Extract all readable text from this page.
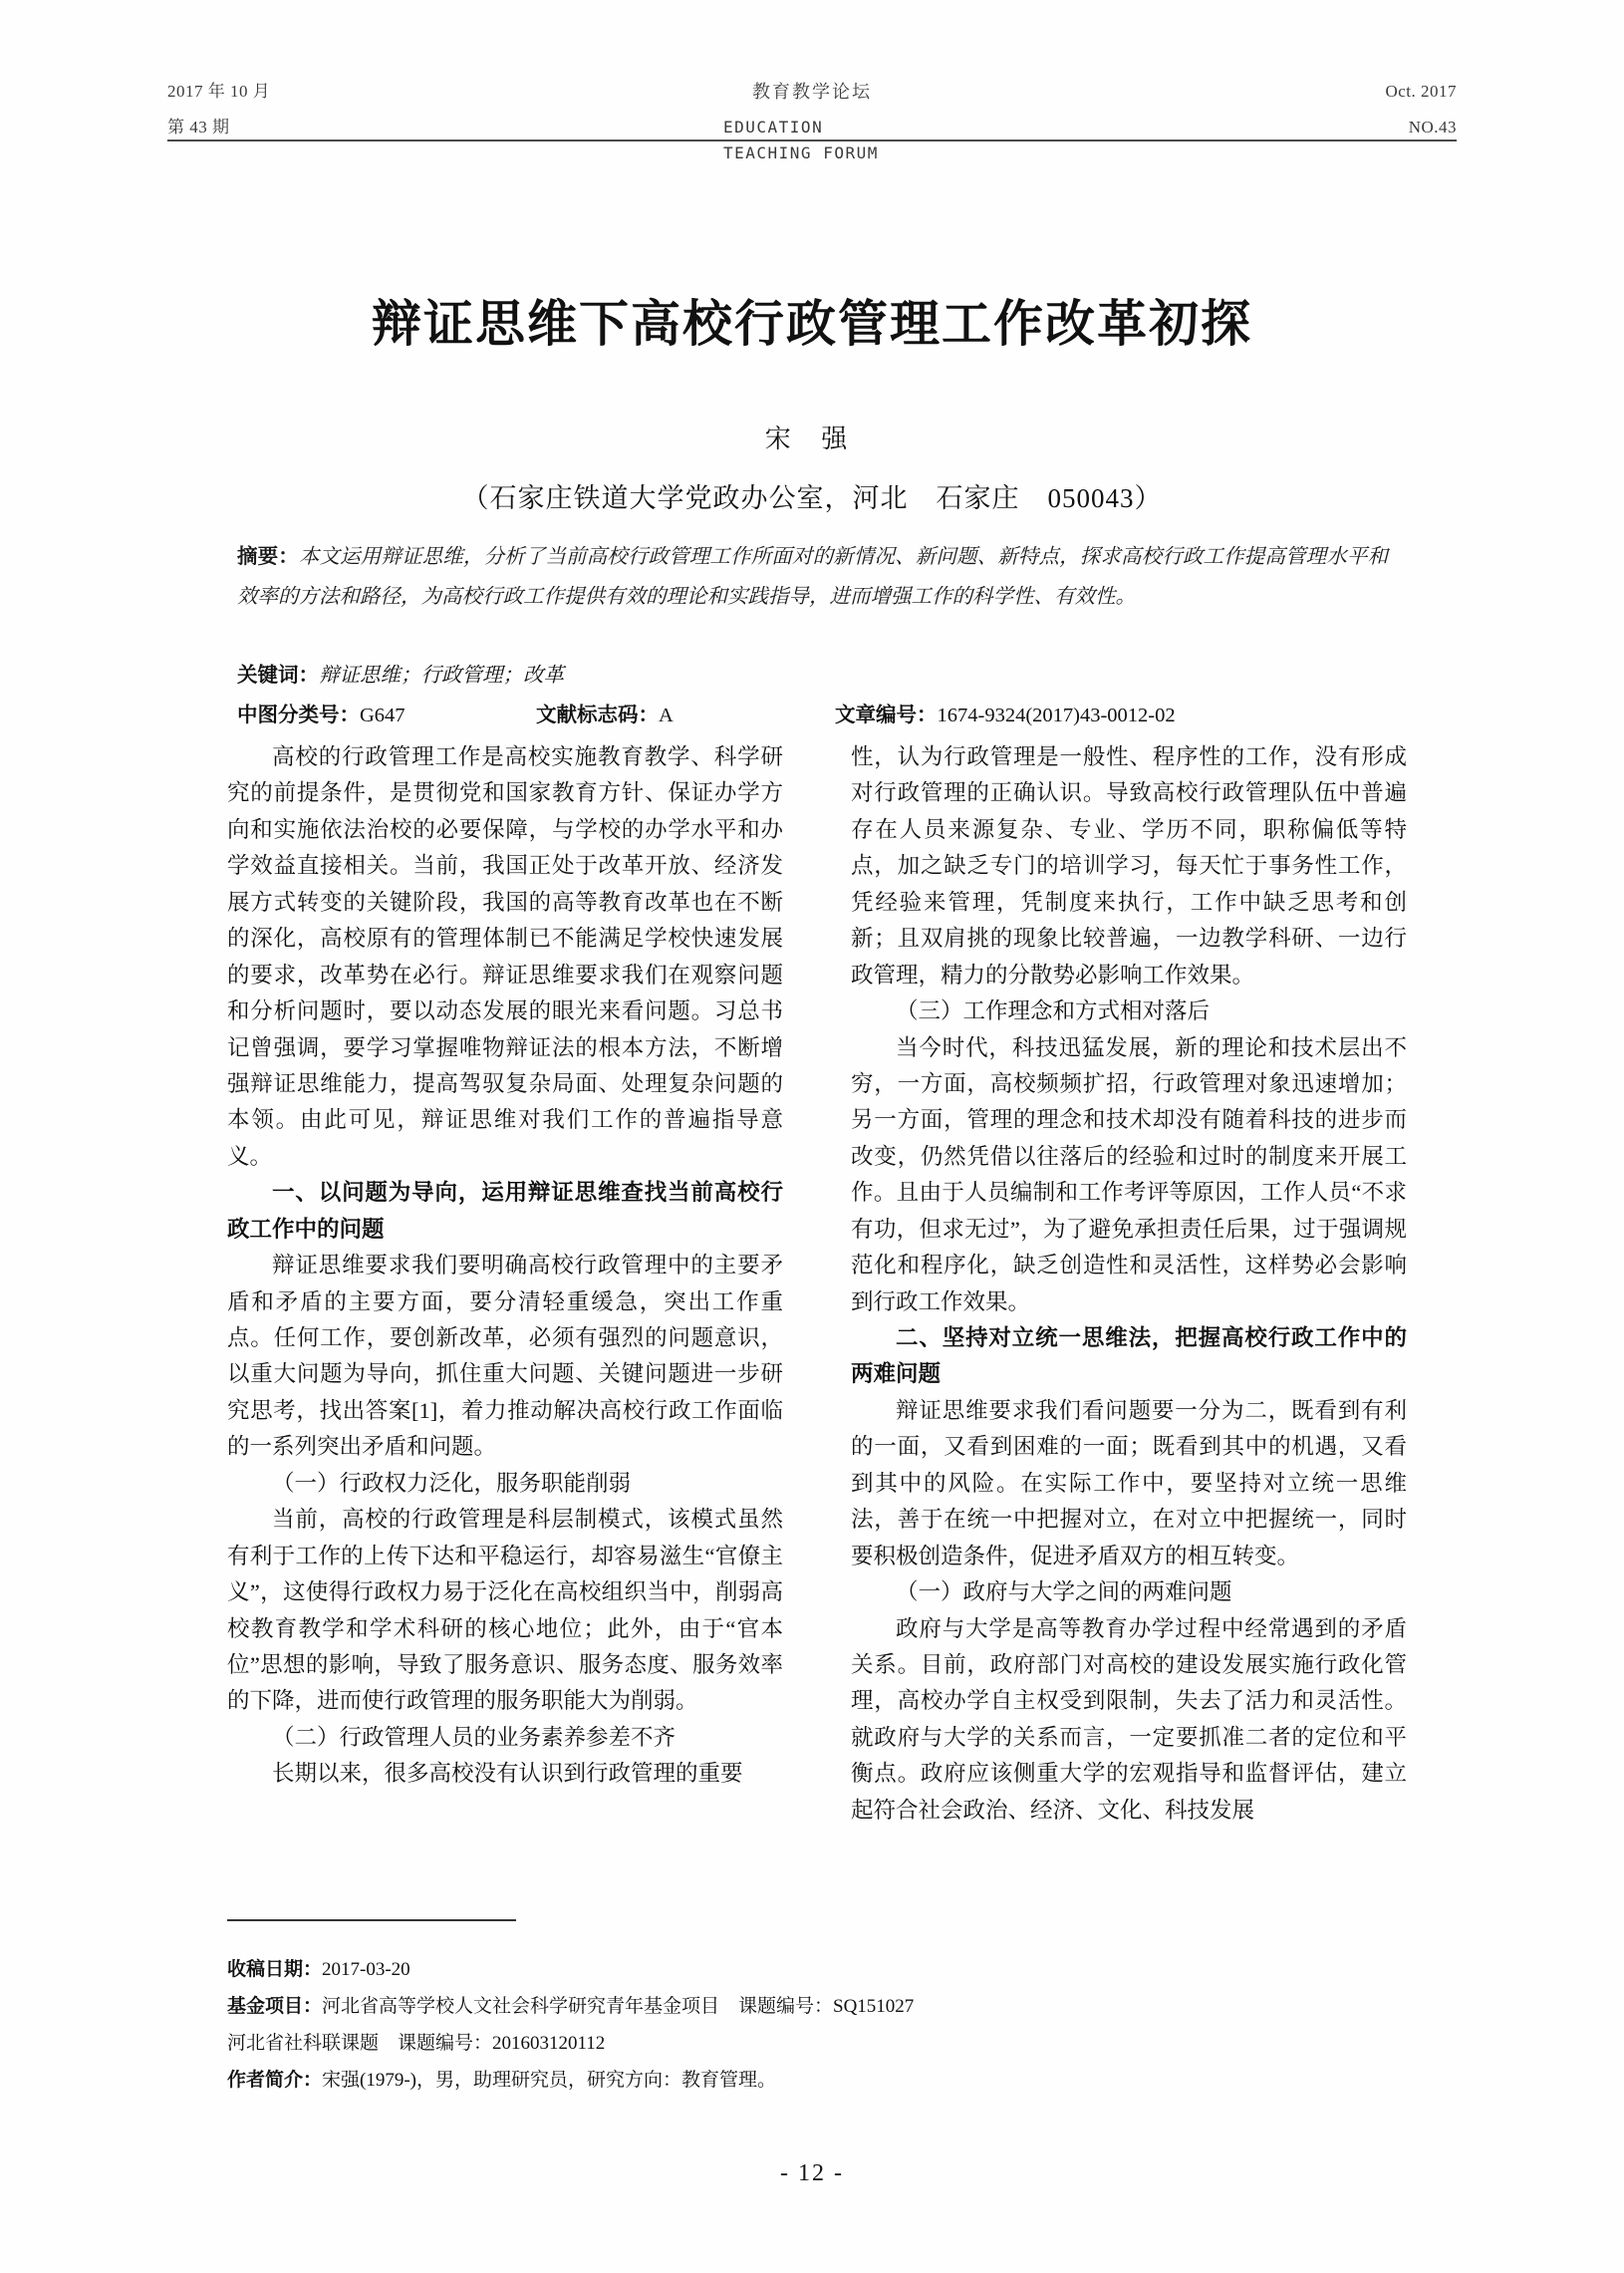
2017 年 10 月
第 43 期
教育教学论坛
EDUCATION TEACHING FORUM
Oct. 2017
NO.43
辩证思维下高校行政管理工作改革初探
宋 强
（石家庄铁道大学党政办公室，河北　石家庄　050043）
摘要：本文运用辩证思维，分析了当前高校行政管理工作所面对的新情况、新问题、新特点，探求高校行政工作提高管理水平和效率的方法和路径，为高校行政工作提供有效的理论和实践指导，进而增强工作的科学性、有效性。
关键词：辩证思维；行政管理；改革
中图分类号：G647	文献标志码：A	文章编号：1674-9324(2017)43-0012-02

高校的行政管理工作是高校实施教育教学、科学研究的前提条件，是贯彻党和国家教育方针、保证办学方向和实施依法治校的必要保障，与学校的办学水平和办学效益直接相关。当前，我国正处于改革开放、经济发展方式转变的关键阶段，我国的高等教育改革也在不断的深化，高校原有的管理体制已不能满足学校快速发展的要求，改革势在必行。辩证思维要求我们在观察问题和分析问题时，要以动态发展的眼光来看问题。习总书记曾强调，要学习掌握唯物辩证法的根本方法，不断增强辩证思维能力，提高驾驭复杂局面、处理复杂问题的本领。由此可见，辩证思维对我们工作的普遍指导意义。

一、以问题为导向，运用辩证思维查找当前高校行政工作中的问题

辩证思维要求我们要明确高校行政管理中的主要矛盾和矛盾的主要方面，要分清轻重缓急，突出工作重点。任何工作，要创新改革，必须有强烈的问题意识，以重大问题为导向，抓住重大问题、关键问题进一步研究思考，找出答案[1]，着力推动解决高校行政工作面临的一系列突出矛盾和问题。

（一）行政权力泛化，服务职能削弱

当前，高校的行政管理是科层制模式，该模式虽然有利于工作的上传下达和平稳运行，却容易滋生“官僚主义”，这使得行政权力易于泛化在高校组织当中，削弱高校教育教学和学术科研的核心地位；此外，由于“官本位”思想的影响，导致了服务意识、服务态度、服务效率的下降，进而使行政管理的服务职能大为削弱。

（二）行政管理人员的业务素养参差不齐

长期以来，很多高校没有认识到行政管理的重要

性，认为行政管理是一般性、程序性的工作，没有形成对行政管理的正确认识。导致高校行政管理队伍中普遍存在人员来源复杂、专业、学历不同，职称偏低等特点，加之缺乏专门的培训学习，每天忙于事务性工作，凭经验来管理，凭制度来执行，工作中缺乏思考和创新；且双肩挑的现象比较普遍，一边教学科研、一边行政管理，精力的分散势必影响工作效果。

（三）工作理念和方式相对落后

当今时代，科技迅猛发展，新的理论和技术层出不穷，一方面，高校频频扩招，行政管理对象迅速增加；另一方面，管理的理念和技术却没有随着科技的进步而改变，仍然凭借以往落后的经验和过时的制度来开展工作。且由于人员编制和工作考评等原因，工作人员“不求有功，但求无过”，为了避免承担责任后果，过于强调规范化和程序化，缺乏创造性和灵活性，这样势必会影响到行政工作效果。

二、坚持对立统一思维法，把握高校行政工作中的两难问题

辩证思维要求我们看问题要一分为二，既看到有利的一面，又看到困难的一面；既看到其中的机遇，又看到其中的风险。在实际工作中，要坚持对立统一思维法，善于在统一中把握对立，在对立中把握统一，同时要积极创造条件，促进矛盾双方的相互转变。

（一）政府与大学之间的两难问题

政府与大学是高等教育办学过程中经常遇到的矛盾关系。目前，政府部门对高校的建设发展实施行政化管理，高校办学自主权受到限制，失去了活力和灵活性。就政府与大学的关系而言，一定要抓准二者的定位和平衡点。政府应该侧重大学的宏观指导和监督评估，建立起符合社会政治、经济、文化、科技发展

收稿日期：2017-03-20
基金项目：河北省高等学校人文社会科学研究青年基金项目　课题编号：SQ151027
河北省社科联课题　课题编号：201603120112
作者简介：宋强(1979-)，男，助理研究员，研究方向：教育管理。
- 12 -
